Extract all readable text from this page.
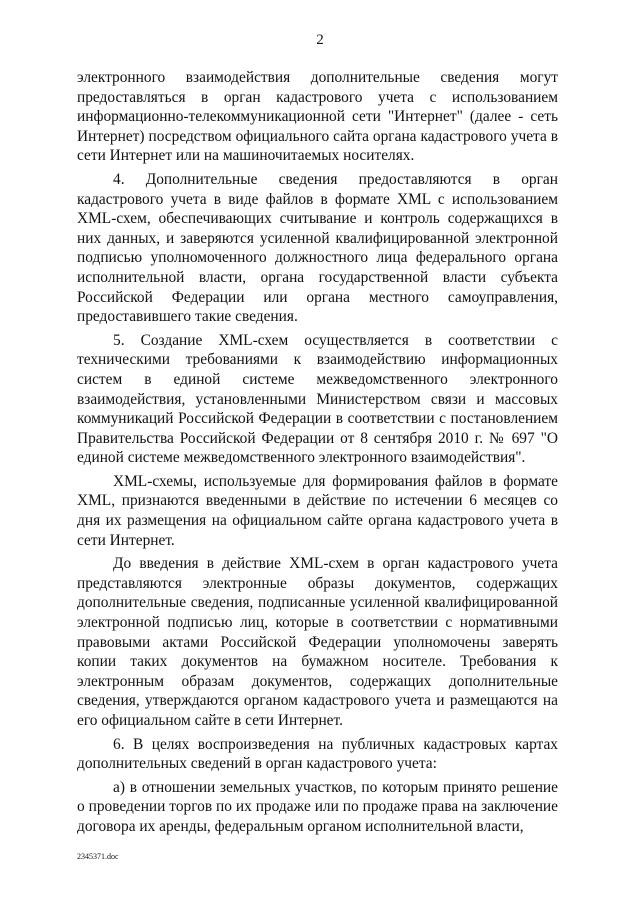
2

электронного взаимодействия дополнительные сведения могут предоставляться в орган кадастрового учета с использованием информационно-телекоммуникационной сети "Интернет" (далее - сеть Интернет) посредством официального сайта органа кадастрового учета в сети Интернет или на машиночитаемых носителях.

4. Дополнительные сведения предоставляются в орган кадастрового учета в виде файлов в формате XML с использованием XML-схем, обеспечивающих считывание и контроль содержащихся в них данных, и заверяются усиленной квалифицированной электронной подписью уполномоченного должностного лица федерального органа исполнительной власти, органа государственной власти субъекта Российской Федерации или органа местного самоуправления, предоставившего такие сведения.

5. Создание XML-схем осуществляется в соответствии с техническими требованиями к взаимодействию информационных систем в единой системе межведомственного электронного взаимодействия, установленными Министерством связи и массовых коммуникаций Российской Федерации в соответствии с постановлением Правительства Российской Федерации от 8 сентября 2010 г. № 697 "О единой системе межведомственного электронного взаимодействия".

XML-схемы, используемые для формирования файлов в формате XML, признаются введенными в действие по истечении 6 месяцев со дня их размещения на официальном сайте органа кадастрового учета в сети Интернет.

До введения в действие XML-схем в орган кадастрового учета представляются электронные образы документов, содержащих дополнительные сведения, подписанные усиленной квалифицированной электронной подписью лиц, которые в соответствии с нормативными правовыми актами Российской Федерации уполномочены заверять копии таких документов на бумажном носителе. Требования к электронным образам документов, содержащих дополнительные сведения, утверждаются органом кадастрового учета и размещаются на его официальном сайте в сети Интернет.

6. В целях воспроизведения на публичных кадастровых картах дополнительных сведений в орган кадастрового учета:

а) в отношении земельных участков, по которым принято решение о проведении торгов по их продаже или по продаже права на заключение договора их аренды, федеральным органом исполнительной власти,

2345371.doc
